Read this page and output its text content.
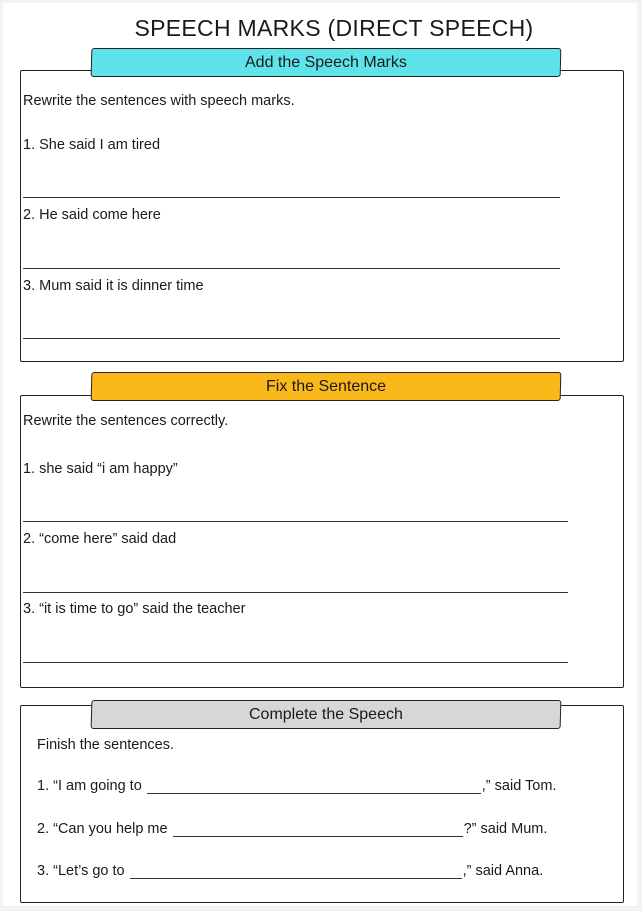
SPEECH MARKS (DIRECT SPEECH)
Add the Speech Marks
Rewrite the sentences with speech marks.
1. She said I am tired
2. He said come here
3. Mum said it is dinner time
Fix the Sentence
Rewrite the sentences correctly.
1. she said “i am happy”
2. “come here” said dad
3. “it is time to go” said the teacher
Complete the Speech
Finish the sentences.
1. “I am going to	,” said Tom.
2. “Can you help me	?” said Mum.
3. “Let’s go to	,” said Anna.
